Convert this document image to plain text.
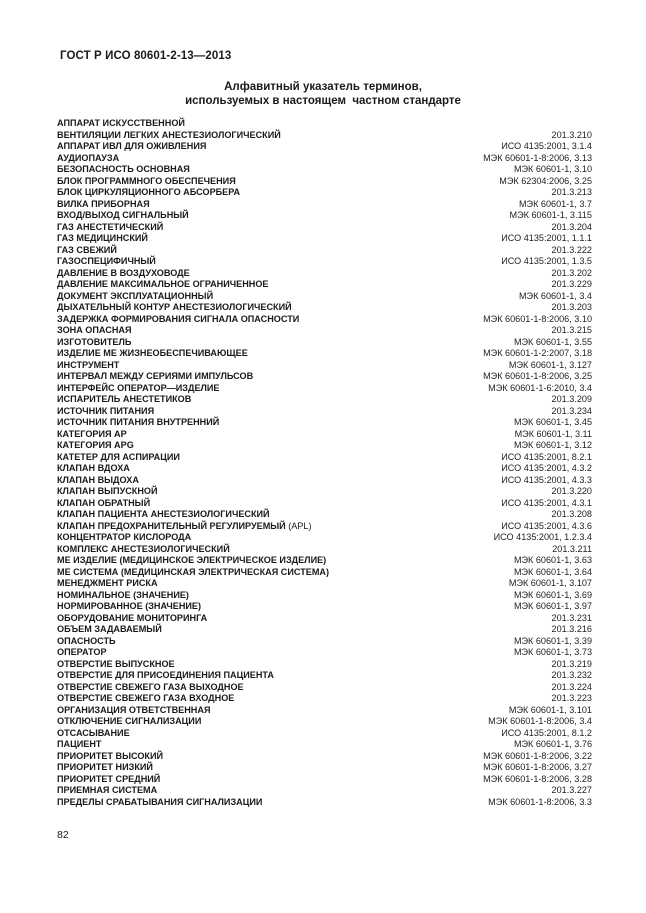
ГОСТ Р ИСО 80601-2-13—2013
Алфавитный указатель терминов,
используемых в настоящем  частном стандарте
АППАРАТ ИСКУССТВЕННОЙ
ВЕНТИЛЯЦИИ ЛЕГКИХ АНЕСТЕЗИОЛОГИЧЕСКИЙ	201.3.210
АППАРАТ ИВЛ ДЛЯ ОЖИВЛЕНИЯ	ИСО 4135:2001, 3.1.4
АУДИОПАУЗА	МЭК 60601-1-8:2006, 3.13
БЕЗОПАСНОСТЬ ОСНОВНАЯ	МЭК 60601-1, 3.10
БЛОК ПРОГРАММНОГО ОБЕСПЕЧЕНИЯ	МЭК 62304:2006, 3.25
БЛОК ЦИРКУЛЯЦИОННОГО АБСОРБЕРА	201.3.213
ВИЛКА ПРИБОРНАЯ	МЭК 60601-1, 3.7
ВХОД/ВЫХОД СИГНАЛЬНЫЙ	МЭК 60601-1, 3.115
ГАЗ АНЕСТЕТИЧЕСКИЙ	201.3.204
ГАЗ МЕДИЦИНСКИЙ	ИСО 4135:2001, 1.1.1
ГАЗ СВЕЖИЙ	201.3.222
ГАЗОСПЕЦИФИЧНЫЙ	ИСО 4135:2001, 1.3.5
ДАВЛЕНИЕ В ВОЗДУХОВОДЕ	201.3.202
ДАВЛЕНИЕ МАКСИМАЛЬНОЕ ОГРАНИЧЕННОЕ	201.3.229
ДОКУМЕНТ ЭКСПЛУАТАЦИОННЫЙ	МЭК 60601-1, 3.4
ДЫХАТЕЛЬНЫЙ КОНТУР АНЕСТЕЗИОЛОГИЧЕСКИЙ	201.3.203
ЗАДЕРЖКА ФОРМИРОВАНИЯ СИГНАЛА ОПАСНОСТИ	МЭК 60601-1-8:2006, 3.10
ЗОНА ОПАСНАЯ	201.3.215
ИЗГОТОВИТЕЛЬ	МЭК 60601-1, 3.55
ИЗДЕЛИЕ МЕ ЖИЗНЕОБЕСПЕЧИВАЮЩЕЕ	МЭК 60601-1-2:2007, 3.18
ИНСТРУМЕНТ	МЭК 60601-1, 3.127
ИНТЕРВАЛ МЕЖДУ СЕРИЯМИ ИМПУЛЬСОВ	МЭК 60601-1-8:2006, 3.25
ИНТЕРФЕЙС ОПЕРАТОР—ИЗДЕЛИЕ	МЭК 60601-1-6:2010, 3.4
ИСПАРИТЕЛЬ АНЕСТЕТИКОВ	201.3.209
ИСТОЧНИК ПИТАНИЯ	201.3.234
ИСТОЧНИК ПИТАНИЯ ВНУТРЕННИЙ	МЭК 60601-1, 3.45
КАТЕГОРИЯ АР	МЭК 60601-1, 3.11
КАТЕГОРИЯ APG	МЭК 60601-1, 3.12
КАТЕТЕР ДЛЯ АСПИРАЦИИ	ИСО 4135:2001, 8.2.1
КЛАПАН ВДОХА	ИСО 4135:2001, 4.3.2
КЛАПАН ВЫДОХА	ИСО 4135:2001, 4.3.3
КЛАПАН ВЫПУСКНОЙ	201.3.220
КЛАПАН ОБРАТНЫЙ	ИСО 4135:2001, 4.3.1
КЛАПАН ПАЦИЕНТА АНЕСТЕЗИОЛОГИЧЕСКИЙ	201.3.208
КЛАПАН ПРЕДОХРАНИТЕЛЬНЫЙ РЕГУЛИРУЕМЫЙ (APL)	ИСО 4135:2001, 4.3.6
КОНЦЕНТРАТОР КИСЛОРОДА	ИСО 4135:2001, 1.2.3.4
КОМПЛЕКС АНЕСТЕЗИОЛОГИЧЕСКИЙ	201.3.211
МЕ ИЗДЕЛИЕ (МЕДИЦИНСКОЕ ЭЛЕКТРИЧЕСКОЕ ИЗДЕЛИЕ)	МЭК 60601-1, 3.63
МЕ СИСТЕМА (МЕДИЦИНСКАЯ ЭЛЕКТРИЧЕСКАЯ СИСТЕМА)	МЭК 60601-1, 3.64
МЕНЕДЖМЕНТ РИСКА	МЭК 60601-1, 3.107
НОМИНАЛЬНОЕ (ЗНАЧЕНИЕ)	МЭК 60601-1, 3.69
НОРМИРОВАННОЕ (ЗНАЧЕНИЕ)	МЭК 60601-1, 3.97
ОБОРУДОВАНИЕ МОНИТОРИНГА	201.3.231
ОБЪЕМ ЗАДАВАЕМЫЙ	201.3.216
ОПАСНОСТЬ	МЭК 60601-1, 3.39
ОПЕРАТОР	МЭК 60601-1, 3.73
ОТВЕРСТИЕ ВЫПУСКНОЕ	201.3.219
ОТВЕРСТИЕ ДЛЯ ПРИСОЕДИНЕНИЯ ПАЦИЕНТА	201.3.232
ОТВЕРСТИЕ СВЕЖЕГО ГАЗА ВЫХОДНОЕ	201.3.224
ОТВЕРСТИЕ СВЕЖЕГО ГАЗА ВХОДНОЕ	201.3.223
ОРГАНИЗАЦИЯ ОТВЕТСТВЕННАЯ	МЭК 60601-1, 3.101
ОТКЛЮЧЕНИЕ СИГНАЛИЗАЦИИ	МЭК 60601-1-8:2006, 3.4
ОТСАСЫВАНИЕ	ИСО 4135:2001, 8.1.2
ПАЦИЕНТ	МЭК 60601-1, 3.76
ПРИОРИТЕТ ВЫСОКИЙ	МЭК 60601-1-8:2006, 3.22
ПРИОРИТЕТ НИЗКИЙ	МЭК 60601-1-8:2006, 3.27
ПРИОРИТЕТ СРЕДНИЙ	МЭК 60601-1-8:2006, 3.28
ПРИЕМНАЯ СИСТЕМА	201.3.227
ПРЕДЕЛЫ СРАБАТЫВАНИЯ СИГНАЛИЗАЦИИ	МЭК 60601-1-8:2006, 3.3
82
